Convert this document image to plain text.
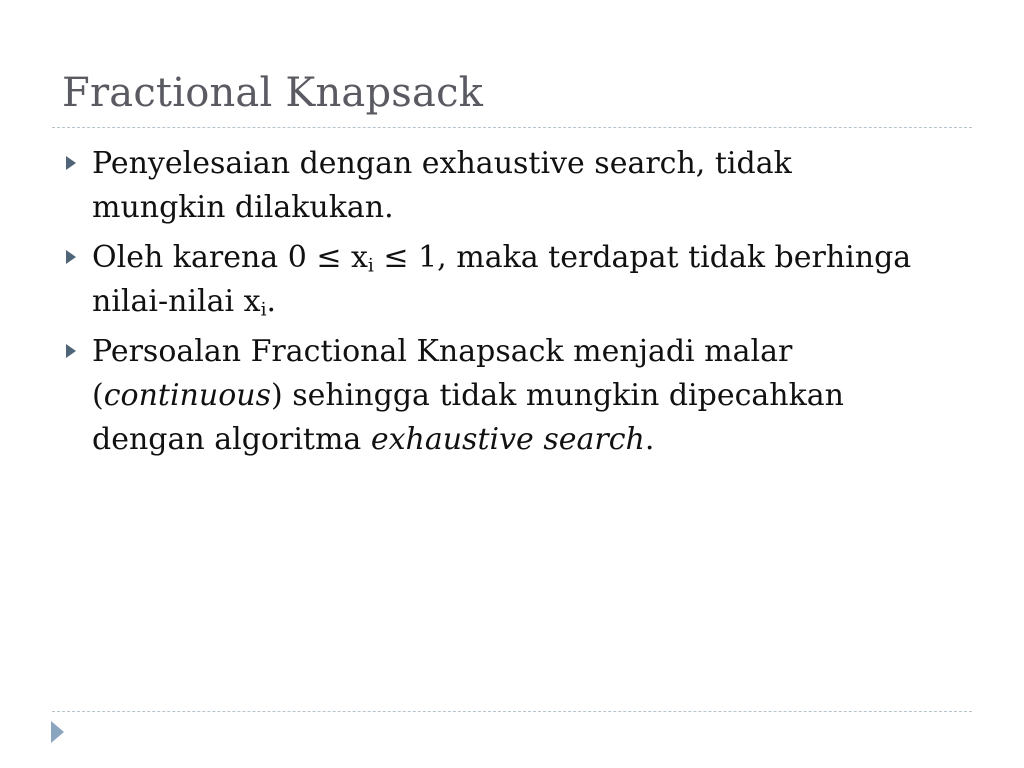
Fractional Knapsack
Penyelesaian dengan exhaustive search, tidak
mungkin dilakukan.
Oleh karena $0 \le x_i \le 1$, maka terdapat tidak berhinga
nilai-nilai $x_i$.
Persoalan Fractional Knapsack menjadi malar
(continuous) sehingga tidak mungkin dipecahkan
dengan algoritma exhaustive search.
